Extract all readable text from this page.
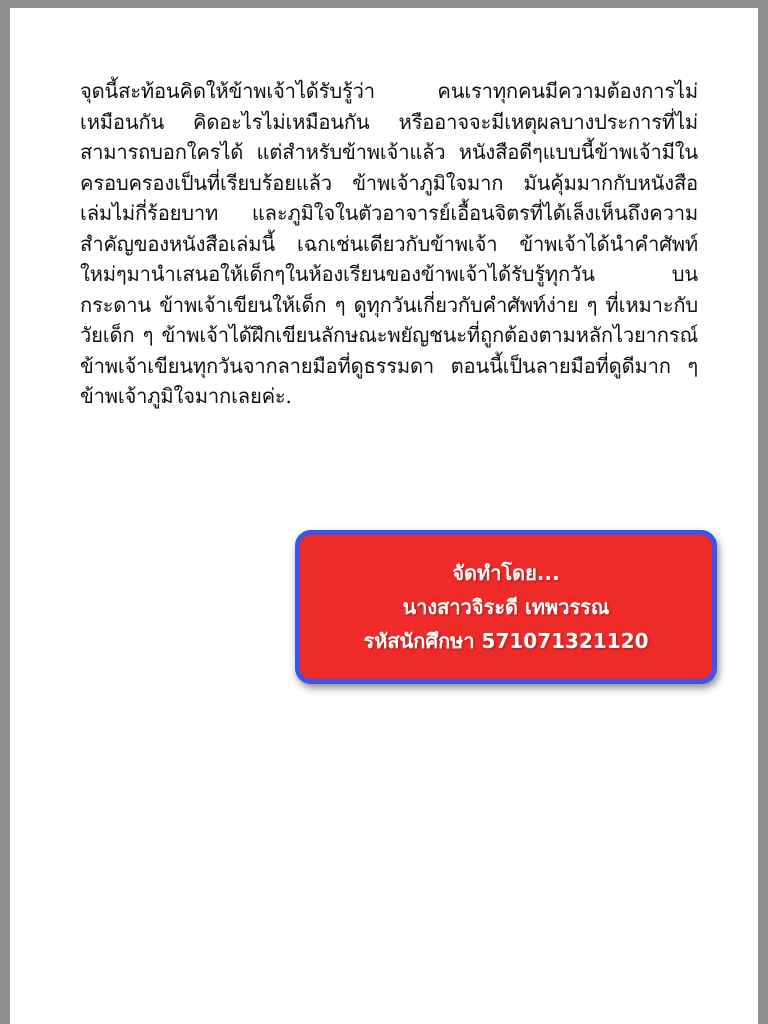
จุดนี้สะท้อนคิดให้ข้าพเจ้าได้รับรู้ว่า คนเราทุกคนมีความต้องการไม่เหมือนกัน คิดอะไรไม่เหมือนกัน หรืออาจจะมีเหตุผลบางประการที่ไม่สามารถบอกใครได้ แต่สำหรับข้าพเจ้าแล้ว หนังสือดีๆแบบนี้ข้าพเจ้ามีในครอบครองเป็นที่เรียบร้อยแล้ว ข้าพเจ้าภูมิใจมาก มันคุ้มมากกับหนังสือเล่มไม่กี่ร้อยบาท และภูมิใจในตัวอาจารย์เอื้อนจิตรที่ได้เล็งเห็นถึงความสำคัญของหนังสือเล่มนี้ เฉกเช่นเดียวกับข้าพเจ้า ข้าพเจ้าได้นำคำศัพท์ใหม่ๆมานำเสนอให้เด็กๆในห้องเรียนของข้าพเจ้าได้รับรู้ทุกวัน บนกระดาน ข้าพเจ้าเขียนให้เด็ก ๆ ดูทุกวันเกี่ยวกับคำศัพท์ง่าย ๆ ที่เหมาะกับวัยเด็ก ๆ ข้าพเจ้าได้ฝึกเขียนลักษณะพยัญชนะที่ถูกต้องตามหลักไวยากรณ์ ข้าพเจ้าเขียนทุกวันจากลายมือที่ดูธรรมดา ตอนนี้เป็นลายมือที่ดูดีมาก ๆ ข้าพเจ้าภูมิใจมากเลยค่ะ.

จัดทำโดย...
นางสาวจิระดี เทพวรรณ
รหัสนักศึกษา 571071321120
